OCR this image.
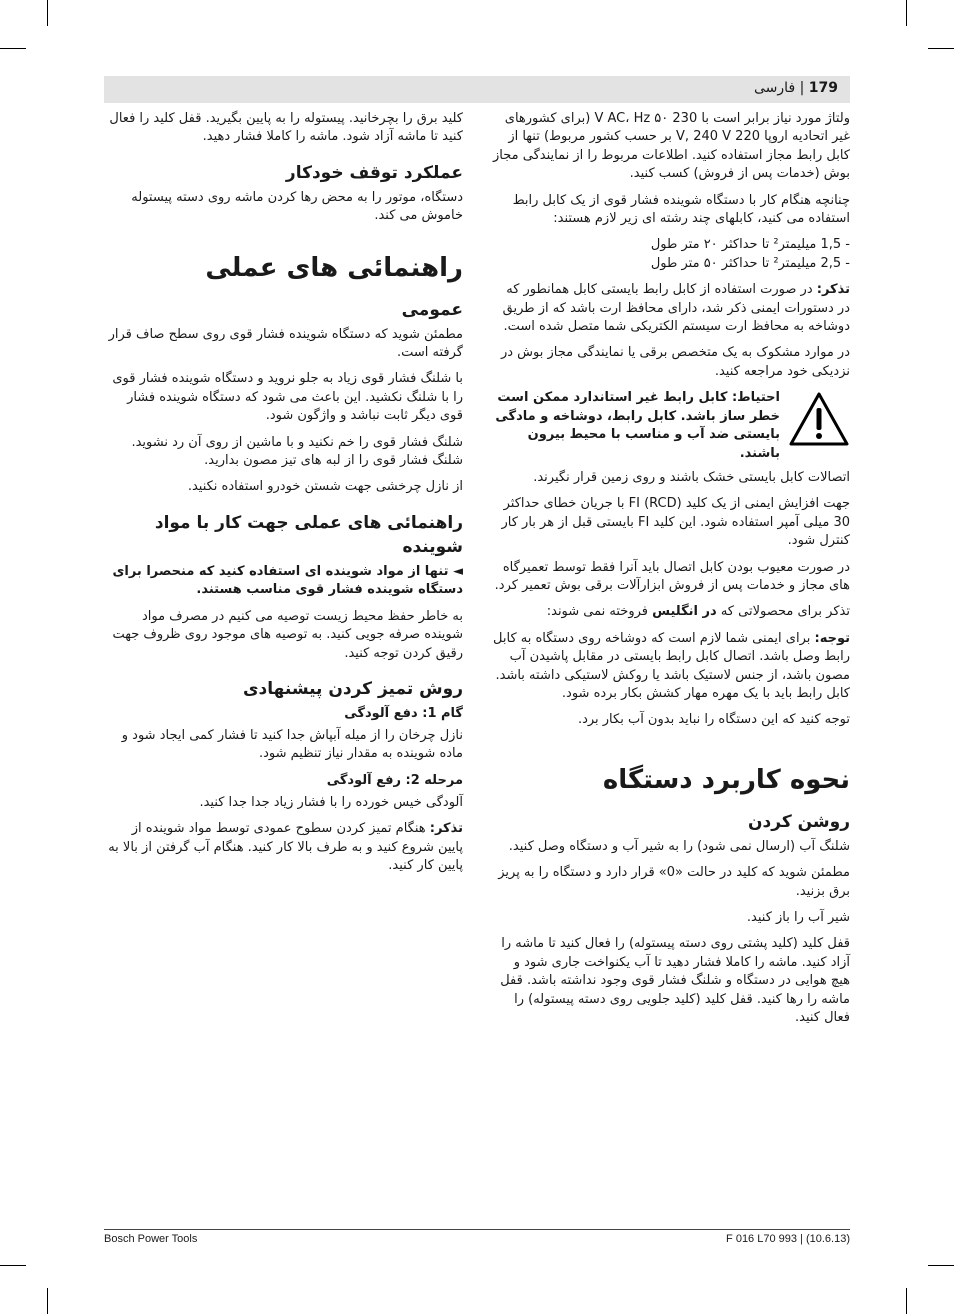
179 | فارسی

ولتاژ مورد نیاز برابر است با 230 V AC، Hz ۵۰ (برای کشورهای غیر اتحادیه اروپا 220 V, 240 V بر حسب کشور مربوط) تنها از کابل رابط مجاز استفاده کنید. اطلاعات مربوط را از نمایندگی مجاز بوش (خدمات پس از فروش) کسب کنید.

چنانچه هنگام کار با دستگاه شوینده فشار قوی از یک کابل رابط استفاده می کنید، کابلهای چند رشته ای زیر لازم هستند:

- 1,5 میلیمتر² تا حداکثر ۲۰ متر طول
- 2,5 میلیمتر² تا حداکثر ۵۰ متر طول

تذکر: در صورت استفاده از کابل رابط بایستی کابل همانطور که در دستورات ایمنی ذکر شد، دارای محافظ ارت باشد که از طریق دوشاخه به محافظ ارت سیستم الکتریکی شما متصل شده است.

در موارد مشکوک به یک متخصص برقی یا نمایندگی مجاز بوش در نزدیکی خود مراجعه کنید.

احتیاط: کابل رابط غیر استاندارد ممکن است خطر ساز باشد. کابل رابط، دوشاخه و مادگی بایستی ضد آب و مناسب با محیط بیرون باشند.

اتصالات کابل بایستی خشک باشند و روی زمین قرار نگیرند.

جهت افزایش ایمنی از یک کلید FI (RCD) با جریان خطای حداکثر 30 میلی آمپر استفاده شود. این کلید FI بایستی قبل از هر بار کار کنترل شود.

در صورت معیوب بودن کابل اتصال باید آنرا فقط توسط تعمیرگاه های مجاز و خدمات پس از فروش ابزارآلات برقی بوش تعمیر کرد.

تذکر برای محصولاتی که در انگلیس فروخته نمی شوند:

توجه: برای ایمنی شما لازم است که دوشاخه روی دستگاه به کابل رابط وصل باشد. اتصال کابل رابط بایستی در مقابل پاشیدن آب مصون باشد، از جنس لاستیک باشد یا روکش لاستیکی داشته باشد. کابل رابط باید با یک مهره مهار کشش بکار برده شود.

توجه کنید که این دستگاه را نباید بدون آب بکار برد.

نحوه کاربرد دستگاه
روشن کردن

شلنگ آب (ارسال نمی شود) را به شیر آب و دستگاه وصل کنید.

مطمئن شوید که کلید در حالت «0» قرار دارد و دستگاه را به پریز برق بزنید.

شیر آب را باز کنید.

قفل کلید (کلید پشتی روی دسته پیستوله) را فعال کنید تا ماشه را آزاد کنید. ماشه را کاملا فشار دهید تا آب یکنواخت جاری شود و هیچ هوایی در دستگاه و شلنگ فشار قوی وجود نداشته باشد. قفل ماشه را رها کنید. قفل کلید (کلید جلویی روی دسته پیستوله) را فعال کنید.

کلید برق را بچرخانید. پیستوله را به پایین بگیرید. قفل کلید را فعال کنید تا ماشه آزاد شود. ماشه را کاملا فشار دهید.

عملکرد توقف خودکار

دستگاه، موتور را به محض رها کردن ماشه روی دسته پیستوله خاموش می کند.

راهنمائی های عملی
عمومی

مطمئن شوید که دستگاه شوینده فشار قوی روی سطح صاف قرار گرفته است.

با شلنگ فشار قوی زیاد به جلو نروید و دستگاه شوینده فشار قوی را با شلنگ نکشید. این باعث می شود که دستگاه شوینده فشار قوی دیگر ثابت نباشد و واژگون شود.

شلنگ فشار قوی را خم نکنید و با ماشین از روی آن رد نشوید. شلنگ فشار قوی را از لبه های تیز مصون بدارید.

از نازل چرخشی جهت شستن خودرو استفاده نکنید.

راهنمائی های عملی جهت کار با مواد شوینده

◄ تنها از مواد شوینده ای استفاده کنید که منحصرا برای دستگاه شوینده فشار قوی مناسب هستند.

به خاطر حفظ محیط زیست توصیه می کنیم در مصرف مواد شوینده صرفه جویی کنید. به توصیه های موجود روی ظروف جهت رقیق کردن توجه کنید.

روش تمیز کردن پیشنهادی
گام 1: دفع آلودگی

نازل چرخان را از میله آبپاش جدا کنید تا فشار کمی ایجاد شود و ماده شوینده به مقدار نیاز تنظیم شود.

مرحله 2: رفع آلودگی

آلودگی خیس خورده را با فشار زیاد جدا جدا کنید.

تذکر: هنگام تمیز کردن سطوح عمودی توسط مواد شوینده از پایین شروع کنید و به طرف بالا کار کنید. هنگام آب گرفتن از بالا به پایین کار کنید.

Bosch Power Tools	F 016 L70 993 | (10.6.13)
